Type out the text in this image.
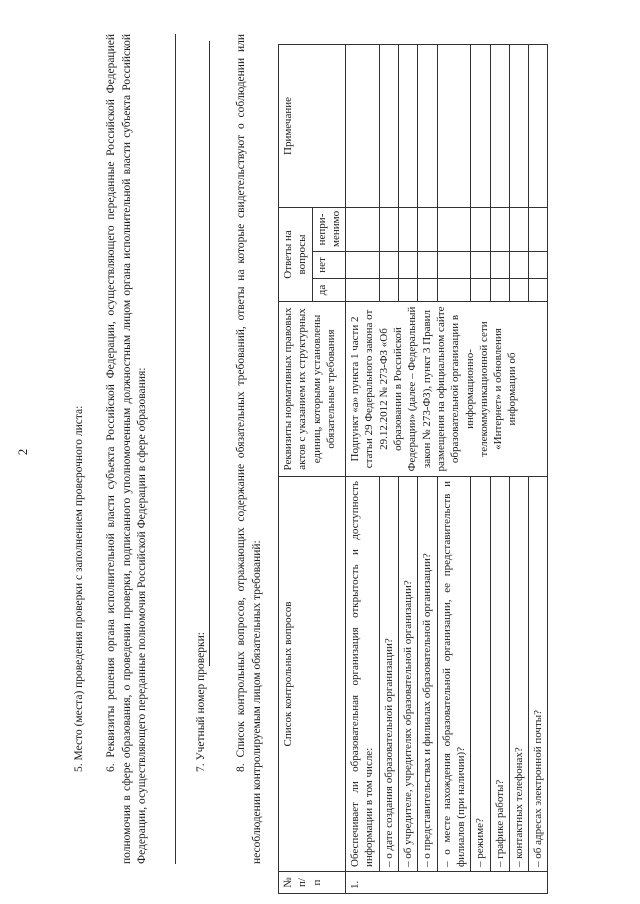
2	5. Место (места) проведения проверки с заполнением проверочного листа: 6. Реквизиты решения органа исполнительной власти субъекта Российской Федерации, осуществляющего переданные Российской Федерацией полномочия в сфере образования, о проведении проверки, подписанного уполномоченным должностным лицом органа исполнительной власти субъекта Российской Федерации, осуществляющего переданные полномочия Российской Федерации в сфере образования:	7. Учетный номер проверки: 8. Список контрольных вопросов, отражающих содержание обязательных требований, ответы на которые свидетельствуют о соблюдении или несоблюдении контролируемым лицом обязательных требований:
№ п/п	Список контрольных вопросов	Реквизиты нормативных правовых актов с указанием их структурных единиц, которыми установлены обязательные требования	Ответы на вопросы			Примечание
			да	нет	непри-менимо	
1.	Обеспечивает ли образовательная организация открытость и доступность информации в том числе:	Подпункт «а» пункта 1 части 2 статьи 29 Федерального закона от 29.12.2012 № 273-ФЗ «Об образовании в Российской Федерации» (далее – Федеральный закон № 273-ФЗ), пункт 3 Правил размещения на официальном сайте образовательной организации в информационно-телекоммуникационной сети «Интернет» и обновления информации об				
	– о дате создания образовательной организации?					
	– об учредителе, учредителях образовательной организации?					
	– о представительствах и филиалах образовательной организации?					
	– о месте нахождения образовательной организации, ее представительств и филиалов (при наличии)?					
	– режиме?					
	– графике работы?					
	– контактных телефонах?					
	– об адресах электронной почты?					
